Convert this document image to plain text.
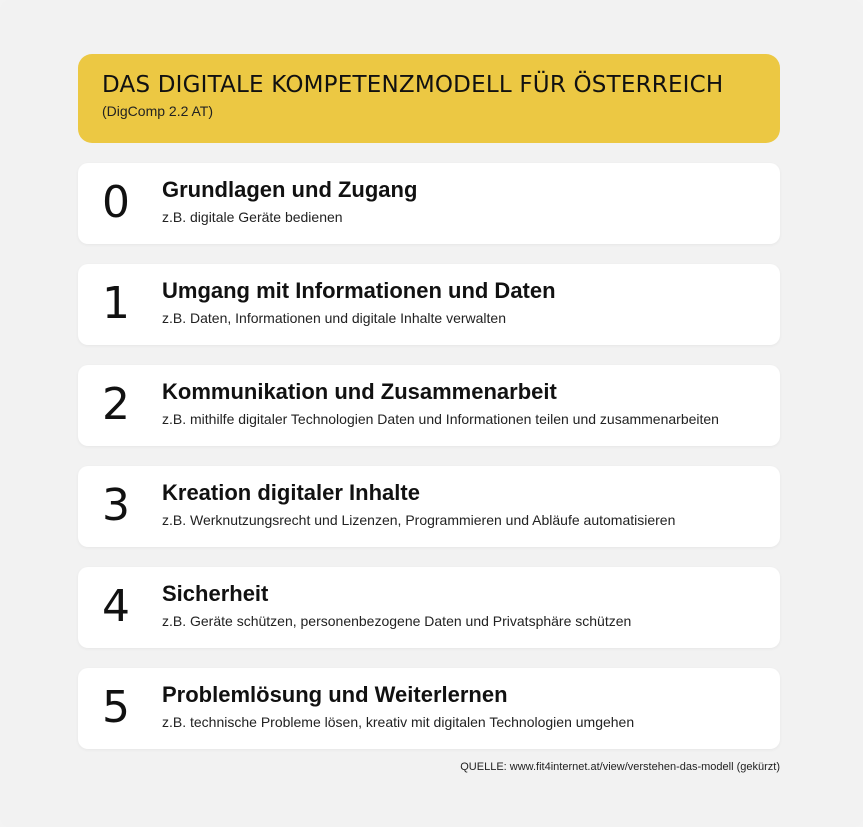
DAS DIGITALE KOMPETENZMODELL FÜR ÖSTERREICH
(DigComp 2.2 AT)
0 Grundlagen und Zugang
z.B. digitale Geräte bedienen
1 Umgang mit Informationen und Daten
z.B. Daten, Informationen und digitale Inhalte verwalten
2 Kommunikation und Zusammenarbeit
z.B. mithilfe digitaler Technologien Daten und Informationen teilen und zusammenarbeiten
3 Kreation digitaler Inhalte
z.B. Werknutzungsrecht und Lizenzen, Programmieren und Abläufe automatisieren
4 Sicherheit
z.B. Geräte schützen, personenbezogene Daten und Privatsphäre schützen
5 Problemlösung und Weiterlernen
z.B. technische Probleme lösen, kreativ mit digitalen Technologien umgehen
QUELLE: www.fit4internet.at/view/verstehen-das-modell (gekürzt)
